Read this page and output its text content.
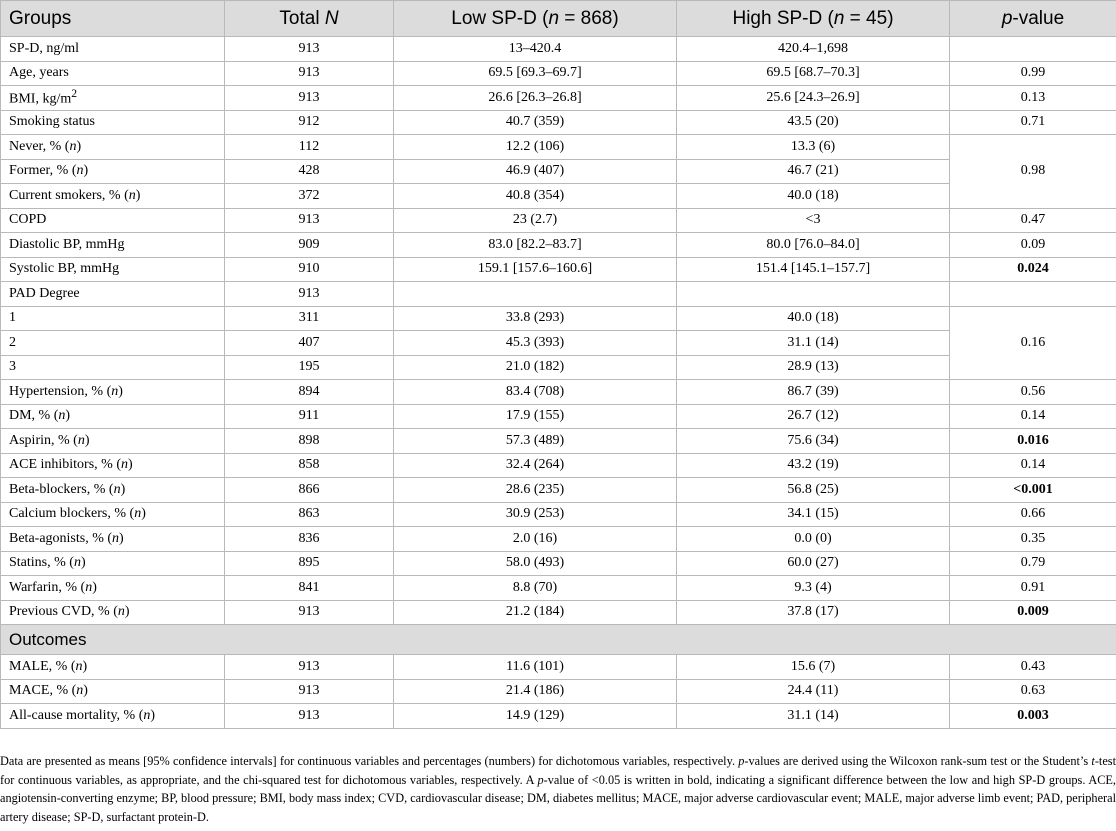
Groups	Total N	Low SP-D (n = 868)	High SP-D (n = 45)	p-value
SP-D, ng/ml	913	13–420.4	420.4–1,698	
Age, years	913	69.5 [69.3–69.7]	69.5 [68.7–70.3]	0.99
BMI, $kg/m^2$	913	26.6 [26.3–26.8]	25.6 [24.3–26.9]	0.13
Smoking status	912	40.7 (359)	43.5 (20)	0.71
Never, % (n)	112	12.2 (106)	13.3 (6)	0.98
Former, % (n)	428	46.9 (407)	46.7 (21)	
Current smokers, % (n)	372	40.8 (354)	40.0 (18)	
COPD	913	23 (2.7)	<3	0.47
Diastolic BP, mmHg	909	83.0 [82.2–83.7]	80.0 [76.0–84.0]	0.09
Systolic BP, mmHg	910	159.1 [157.6–160.6]	151.4 [145.1–157.7]	0.024
PAD Degree	913			
1	311	33.8 (293)	40.0 (18)	0.16
2	407	45.3 (393)	31.1 (14)	
3	195	21.0 (182)	28.9 (13)	
Hypertension, % (n)	894	83.4 (708)	86.7 (39)	0.56
DM, % (n)	911	17.9 (155)	26.7 (12)	0.14
Aspirin, % (n)	898	57.3 (489)	75.6 (34)	0.016
ACE inhibitors, % (n)	858	32.4 (264)	43.2 (19)	0.14
Beta-blockers, % (n)	866	28.6 (235)	56.8 (25)	<0.001
Calcium blockers, % (n)	863	30.9 (253)	34.1 (15)	0.66
Beta-agonists, % (n)	836	2.0 (16)	0.0 (0)	0.35
Statins, % (n)	895	58.0 (493)	60.0 (27)	0.79
Warfarin, % (n)	841	8.8 (70)	9.3 (4)	0.91
Previous CVD, % (n)	913	21.2 (184)	37.8 (17)	0.009
Outcomes				
MALE, % (n)	913	11.6 (101)	15.6 (7)	0.43
MACE, % (n)	913	21.4 (186)	24.4 (11)	0.63
All-cause mortality, % (n)	913	14.9 (129)	31.1 (14)	0.003

Data are presented as means [95% confidence intervals] for continuous variables and percentages (numbers) for dichotomous variables, respectively. p-values are derived using the Wilcoxon rank-sum test or the Student’s t-test for continuous variables, as appropriate, and the chi-squared test for dichotomous variables, respectively. A p-value of <0.05 is written in bold, indicating a significant difference between the low and high SP-D groups. ACE, angiotensin-converting enzyme; BP, blood pressure; BMI, body mass index; CVD, cardiovascular disease; DM, diabetes mellitus; MACE, major adverse cardiovascular event; MALE, major adverse limb event; PAD, peripheral artery disease; SP-D, surfactant protein-D.
